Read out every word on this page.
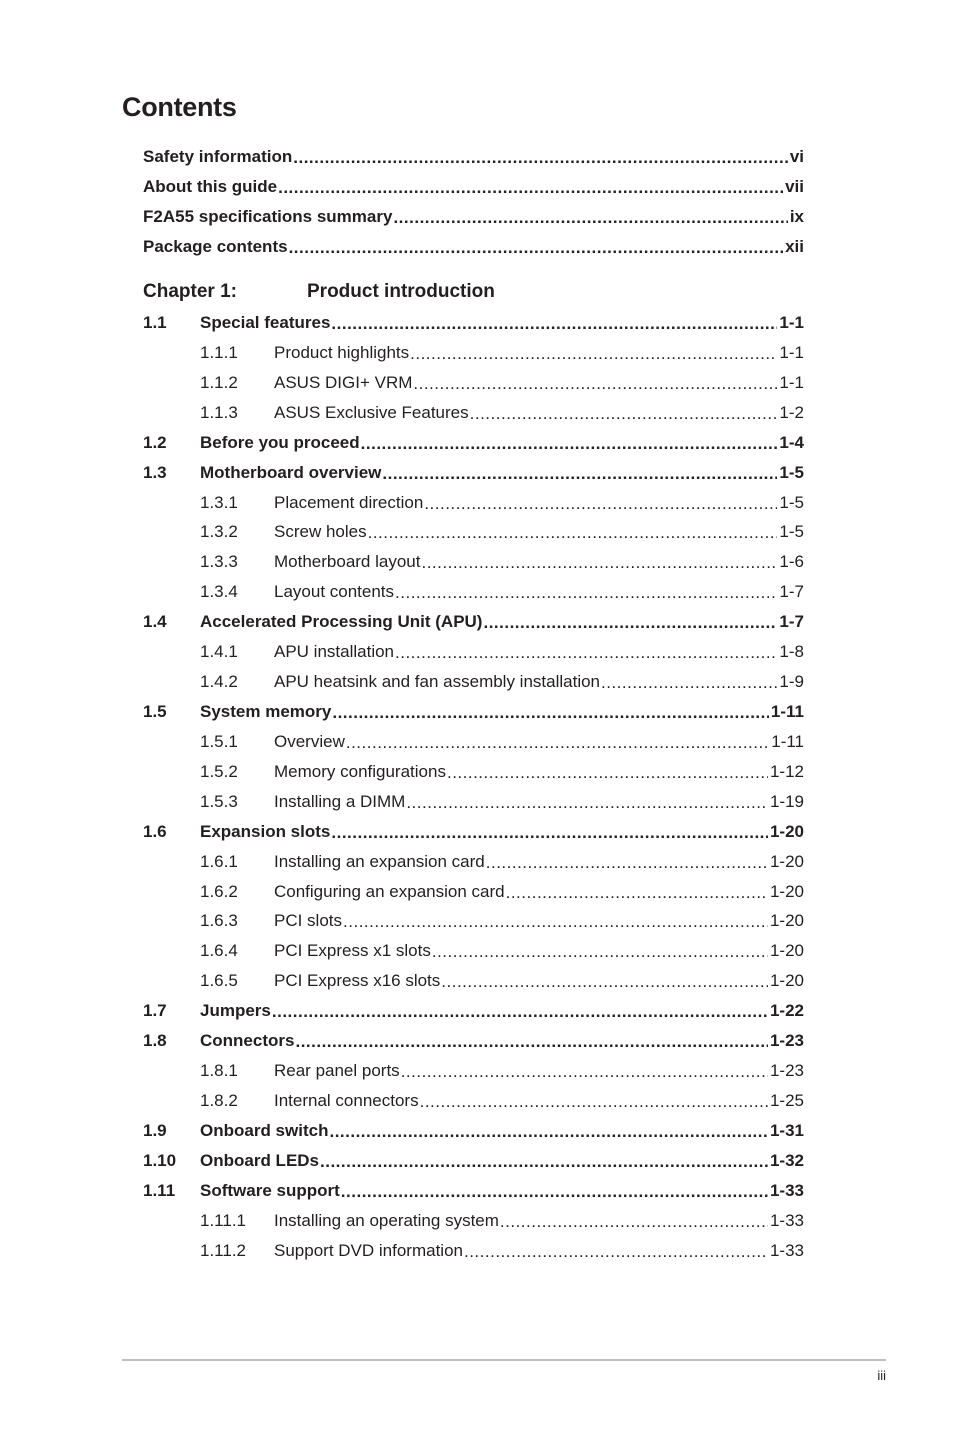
Contents
Safety information .....	vi
About this guide .....	vii
F2A55 specifications summary .....	ix
Package contents .....	xii
Chapter 1:	Product introduction
1.1	Special features .....	1-1
1.1.1	Product highlights .....	1-1
1.1.2	ASUS DIGI+ VRM .....	1-1
1.1.3	ASUS Exclusive Features .....	1-2
1.2	Before you proceed .....	1-4
1.3	Motherboard overview .....	1-5
1.3.1	Placement direction .....	1-5
1.3.2	Screw holes .....	1-5
1.3.3	Motherboard layout .....	1-6
1.3.4	Layout contents .....	1-7
1.4	Accelerated Processing Unit (APU) .....	1-7
1.4.1	APU installation .....	1-8
1.4.2	APU heatsink and fan assembly installation .....	1-9
1.5	System memory .....	1-11
1.5.1	Overview .....	1-11
1.5.2	Memory configurations .....	1-12
1.5.3	Installing a DIMM .....	1-19
1.6	Expansion slots .....	1-20
1.6.1	Installing an expansion card .....	1-20
1.6.2	Configuring an expansion card .....	1-20
1.6.3	PCI slots .....	1-20
1.6.4	PCI Express x1 slots .....	1-20
1.6.5	PCI Express x16 slots .....	1-20
1.7	Jumpers .....	1-22
1.8	Connectors .....	1-23
1.8.1	Rear panel ports .....	1-23
1.8.2	Internal connectors .....	1-25
1.9	Onboard switch .....	1-31
1.10	Onboard LEDs .....	1-32
1.11	Software support .....	1-33
1.11.1	Installing an operating system .....	1-33
1.11.2	Support DVD information .....	1-33
iii
